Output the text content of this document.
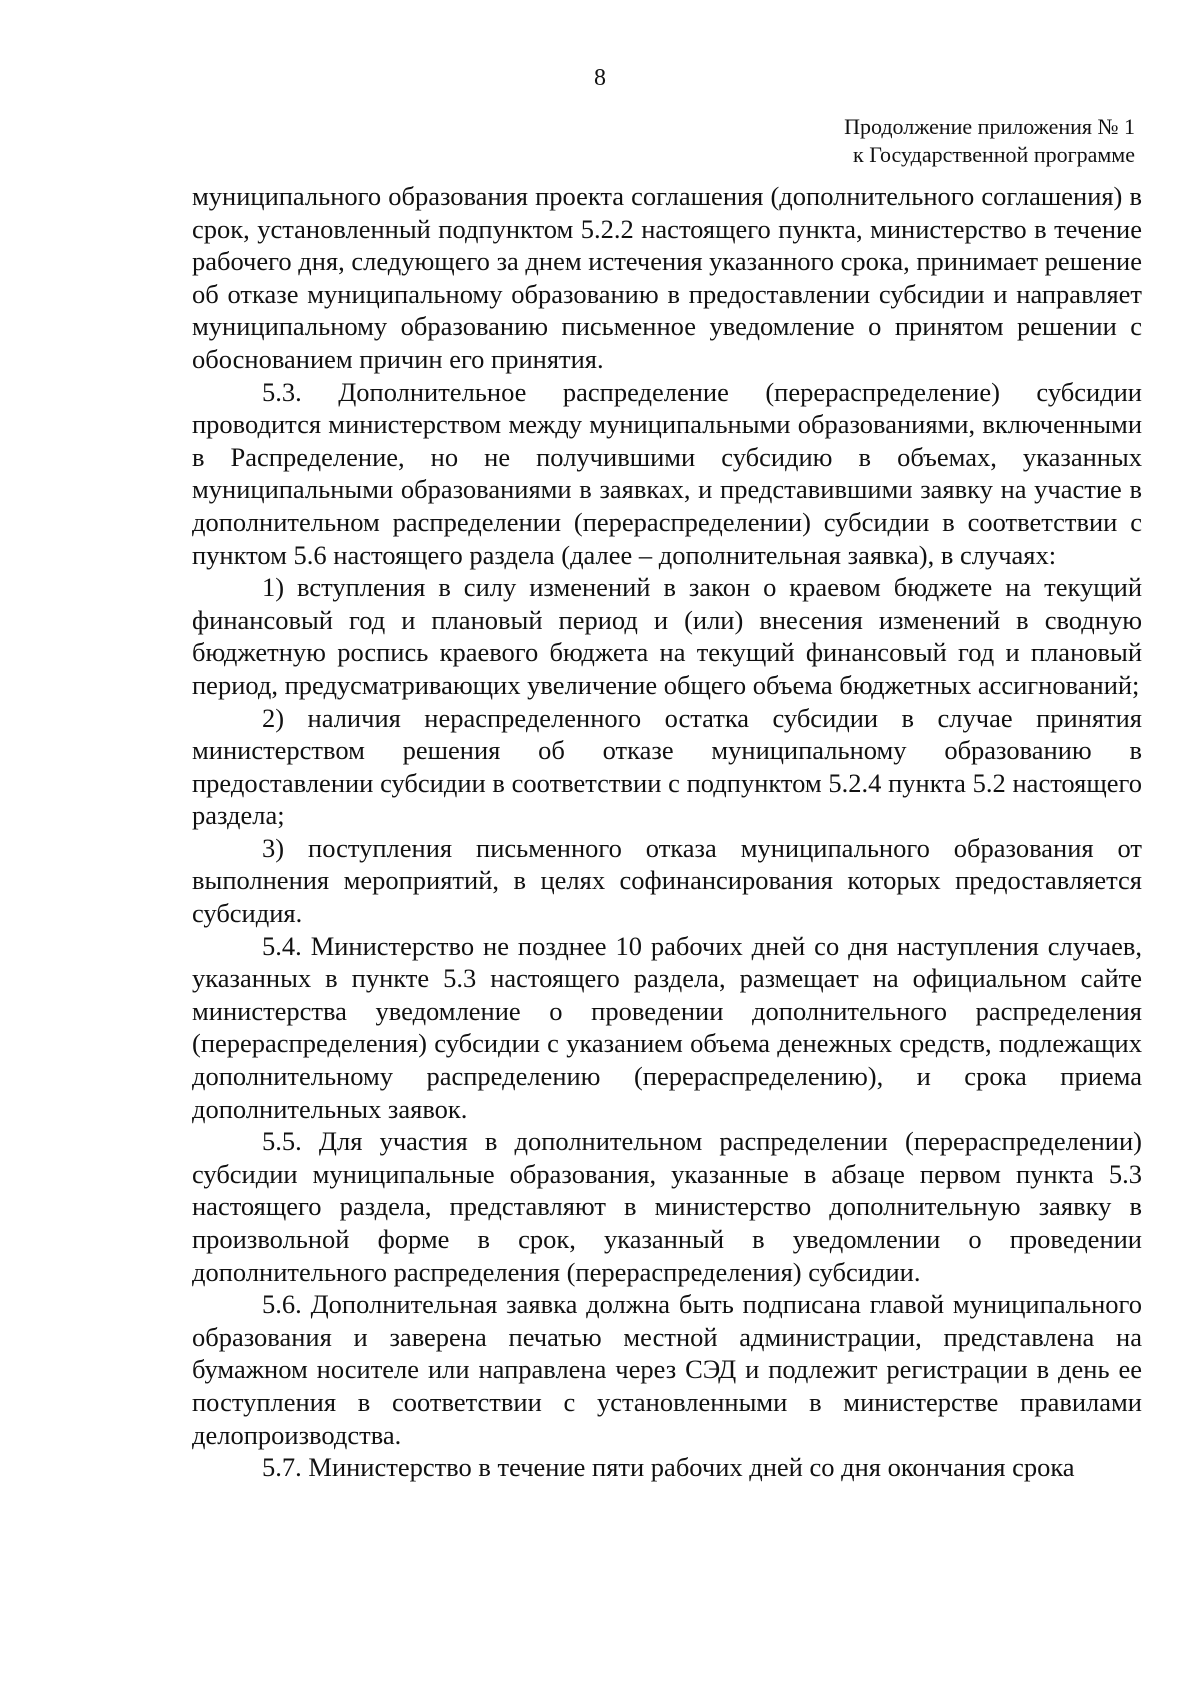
8
Продолжение приложения № 1
к Государственной программе

муниципального образования проекта соглашения (дополнительного соглашения) в срок, установленный подпунктом 5.2.2 настоящего пункта, министерство в течение рабочего дня, следующего за днем истечения указанного срока, принимает решение об отказе муниципальному образованию в предоставлении субсидии и направляет муниципальному образованию письменное уведомление о принятом решении с обоснованием причин его принятия.

5.3. Дополнительное распределение (перераспределение) субсидии проводится министерством между муниципальными образованиями, включенными в Распределение, но не получившими субсидию в объемах, указанных муниципальными образованиями в заявках, и представившими заявку на участие в дополнительном распределении (перераспределении) субсидии в соответствии с пунктом 5.6 настоящего раздела (далее – дополнительная заявка), в случаях:

1) вступления в силу изменений в закон о краевом бюджете на текущий финансовый год и плановый период и (или) внесения изменений в сводную бюджетную роспись краевого бюджета на текущий финансовый год и плановый период, предусматривающих увеличение общего объема бюджетных ассигнований;

2) наличия нераспределенного остатка субсидии в случае принятия министерством решения об отказе муниципальному образованию в предоставлении субсидии в соответствии с подпунктом 5.2.4 пункта 5.2 настоящего раздела;

3) поступления письменного отказа муниципального образования от выполнения мероприятий, в целях софинансирования которых предоставляется субсидия.

5.4. Министерство не позднее 10 рабочих дней со дня наступления случаев, указанных в пункте 5.3 настоящего раздела, размещает на официальном сайте министерства уведомление о проведении дополнительного распределения (перераспределения) субсидии с указанием объема денежных средств, подлежащих дополнительному распределению (перераспределению), и срока приема дополнительных заявок.

5.5. Для участия в дополнительном распределении (перераспределении) субсидии муниципальные образования, указанные в абзаце первом пункта 5.3 настоящего раздела, представляют в министерство дополнительную заявку в произвольной форме в срок, указанный в уведомлении о проведении дополнительного распределения (перераспределения) субсидии.

5.6. Дополнительная заявка должна быть подписана главой муниципального образования и заверена печатью местной администрации, представлена на бумажном носителе или направлена через СЭД и подлежит регистрации в день ее поступления в соответствии с установленными в министерстве правилами делопроизводства.

5.7. Министерство в течение пяти рабочих дней со дня окончания срока
